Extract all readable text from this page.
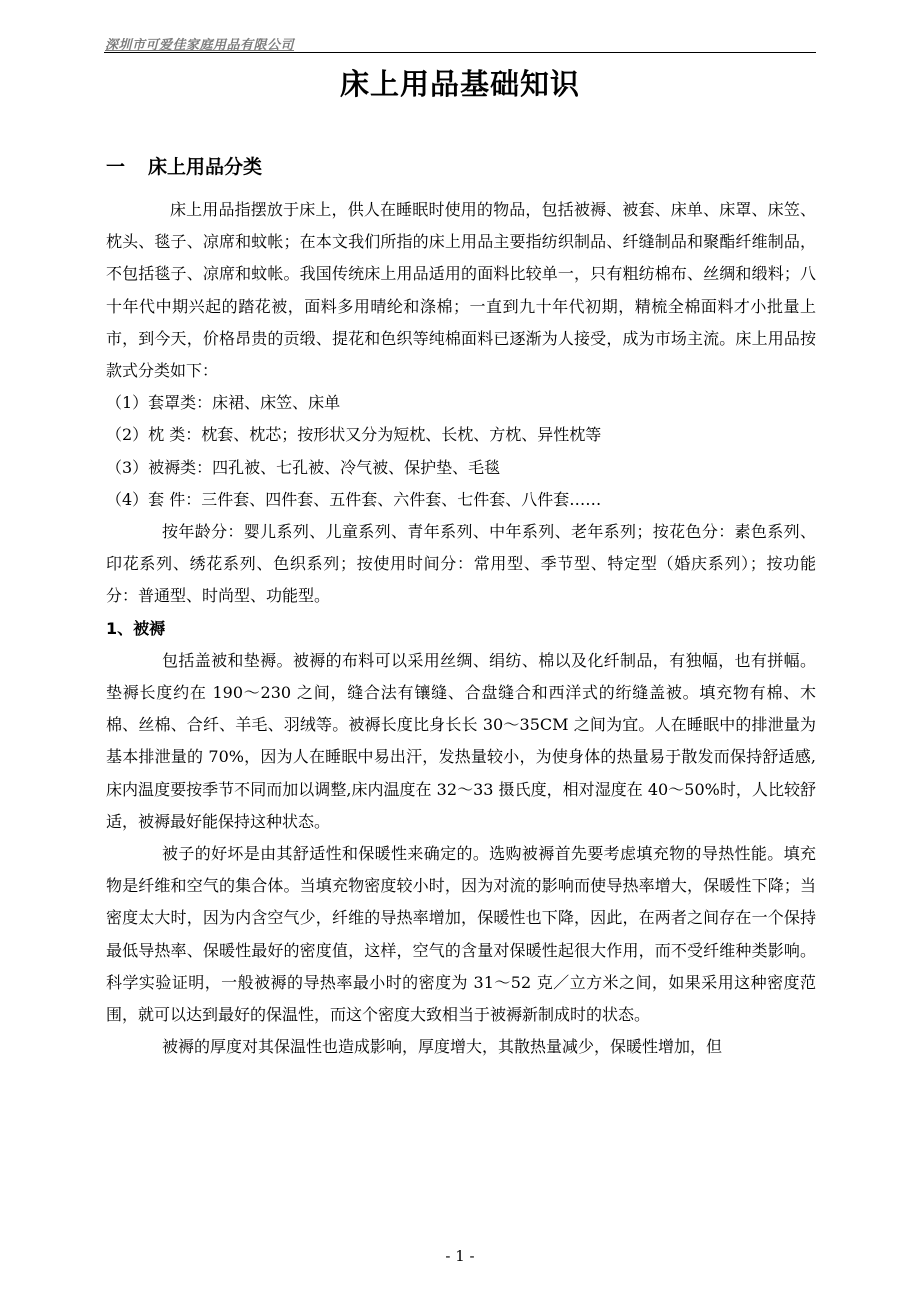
深圳市可爱佳家庭用品有限公司
床上用品基础知识
一 床上用品分类

床上用品指摆放于床上，供人在睡眠时使用的物品，包括被褥、被套、床单、床罩、床笠、枕头、毯子、凉席和蚊帐；在本文我们所指的床上用品主要指纺织制品、纤缝制品和聚酯纤维制品，不包括毯子、凉席和蚊帐。我国传统床上用品适用的面料比较单一，只有粗纺棉布、丝绸和缎料；八十年代中期兴起的踏花被，面料多用晴纶和涤棉；一直到九十年代初期，精梳全棉面料才小批量上市，到今天，价格昂贵的贡缎、提花和色织等纯棉面料已逐渐为人接受，成为市场主流。床上用品按款式分类如下：

（1）套罩类：床裙、床笠、床单

（2）枕 类：枕套、枕芯；按形状又分为短枕、长枕、方枕、异性枕等

（3）被褥类：四孔被、七孔被、冷气被、保护垫、毛毯

（4）套 件：三件套、四件套、五件套、六件套、七件套、八件套……

按年龄分：婴儿系列、儿童系列、青年系列、中年系列、老年系列；按花色分：素色系列、印花系列、绣花系列、色织系列；按使用时间分：常用型、季节型、特定型（婚庆系列）；按功能分：普通型、时尚型、功能型。

1、被褥

包括盖被和垫褥。被褥的布料可以采用丝绸、绢纺、棉以及化纤制品，有独幅，也有拼幅。垫褥长度约在 190～230 之间，缝合法有镶缝、合盘缝合和西洋式的绗缝盖被。填充物有棉、木棉、丝棉、合纤、羊毛、羽绒等。被褥长度比身长长 30～35CM 之间为宜。人在睡眠中的排泄量为基本排泄量的 70%，因为人在睡眠中易出汗，发热量较小，为使身体的热量易于散发而保持舒适感,床内温度要按季节不同而加以调整,床内温度在 32～33 摄氏度，相对湿度在 40～50%时，人比较舒适，被褥最好能保持这种状态。

被子的好坏是由其舒适性和保暖性来确定的。选购被褥首先要考虑填充物的导热性能。填充物是纤维和空气的集合体。当填充物密度较小时，因为对流的影响而使导热率增大，保暖性下降；当密度太大时，因为内含空气少，纤维的导热率增加，保暖性也下降，因此，在两者之间存在一个保持最低导热率、保暖性最好的密度值，这样，空气的含量对保暖性起很大作用，而不受纤维种类影响。科学实验证明，一般被褥的导热率最小时的密度为 31～52 克／立方米之间，如果采用这种密度范围，就可以达到最好的保温性，而这个密度大致相当于被褥新制成时的状态。

被褥的厚度对其保温性也造成影响，厚度增大，其散热量减少，保暖性增加，但

- 1 -
